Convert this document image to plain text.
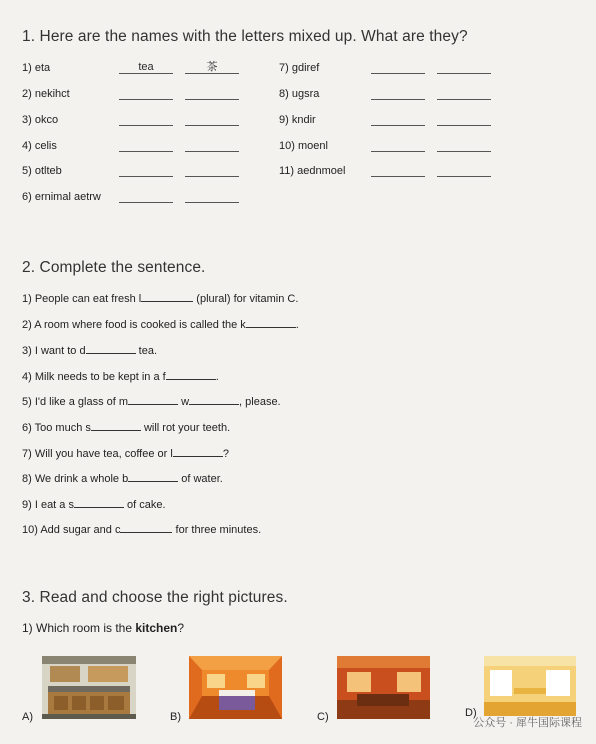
1. Here are the names with the letters mixed up. What are they?
1) eta	tea	茶
2) nekihct
3) okco
4) celis
5) otlteb
6) ernimal aetrw
7) gdiref
8) ugsra
9) kndir
10) moenl
11) aednmoel
2. Complete the sentence.
1) People can eat fresh l	(plural) for vitamin C.
2) A room where food is cooked is called the k	.
3) I want to d	tea.
4) Milk needs to be kept in a f	.
5) I'd like a glass of m	w	, please.
6) Too much s	will rot your teeth.
7) Will you have tea, coffee or l	?
8) We drink a whole b	of water.
9) I eat a s	of cake.
10) Add sugar and c	for three minutes.
3. Read and choose the right pictures.
1) Which room is the kitchen?
A)	B)	C)	D)
公众号 · 犀牛国际课程
